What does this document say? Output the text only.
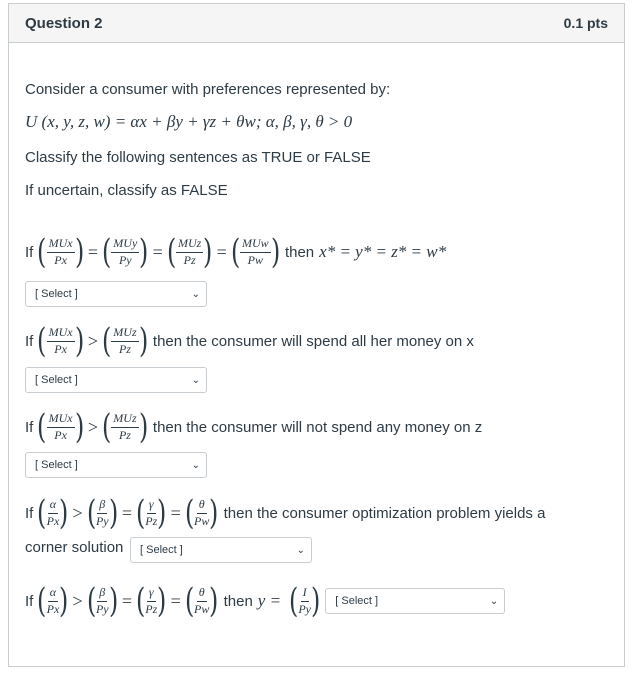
Question 2	0.1 pts
Consider a consumer with preferences represented by:
U (x, y, z, w) = αx + βy + γz + θw; α, β, γ, θ > 0
Classify the following sentences as TRUE or FALSE
If uncertain, classify as FALSE
If ( $\frac{\text{MUx}}{Px}$ ) = ( $\frac{\text{MUy}}{Py}$ ) = ( $\frac{\text{MUz}}{Pz}$ ) = ( $\frac{\text{MUw}}{Pw}$ ) then x* = y* = z* = w*
[ Select ]	⌄
If ( $\frac{\text{MUx}}{Px}$ ) > ( $\frac{\text{MUz}}{Pz}$ ) then the consumer will spend all her money on x
[ Select ]	⌄
If ( $\frac{\text{MUx}}{Px}$ ) > ( $\frac{\text{MUz}}{Pz}$ ) then the consumer will not spend any money on z
[ Select ]	⌄
If ( $\frac{\alpha}{Px}$ ) > ( $\frac{\beta}{Py}$ ) = ( $\frac{\gamma}{Pz}$ ) = ( $\frac{\theta}{Pw}$ ) then the consumer optimization problem yields a
corner solution [ Select ]	⌄
If ( $\frac{\alpha}{Px}$ ) > ( $\frac{\beta}{Py}$ ) = ( $\frac{\gamma}{Pz}$ ) = ( $\frac{\theta}{Pw}$ ) then y = ( $\frac{I}{Py}$ ) [ Select ]	⌄
